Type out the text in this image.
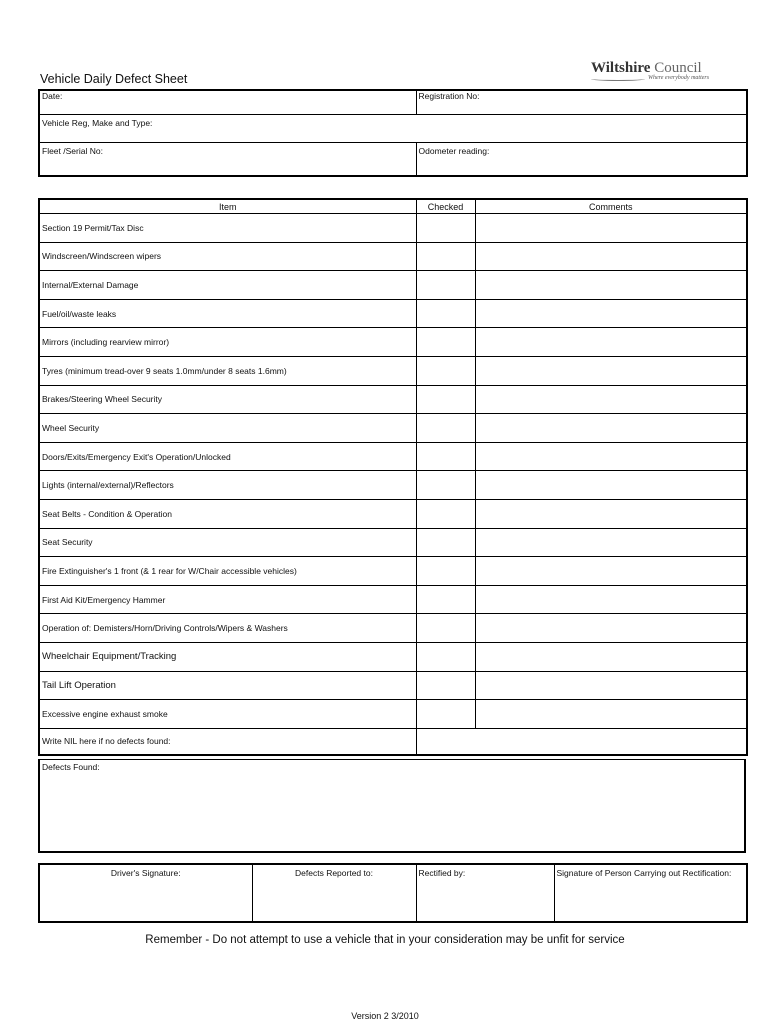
Wiltshire Council
Where everybody matters
Vehicle Daily Defect Sheet
Date:	Registration No:
Vehicle Reg, Make and Type:	
Fleet /Serial No:	Odometer reading:
Item	Checked	Comments
Section 19 Permit/Tax Disc		
Windscreen/Windscreen wipers		
Internal/External Damage		
Fuel/oil/waste leaks		
Mirrors (including rearview mirror)		
Tyres (minimum tread-over 9 seats 1.0mm/under 8 seats 1.6mm)		
Brakes/Steering Wheel Security		
Wheel Security		
Doors/Exits/Emergency Exit's Operation/Unlocked		
Lights (internal/external)/Reflectors		
Seat Belts - Condition & Operation		
Seat Security		
Fire Extinguisher's 1 front (& 1 rear for W/Chair accessible vehicles)		
First Aid Kit/Emergency Hammer		
Operation of: Demisters/Horn/Driving Controls/Wipers & Washers		
Wheelchair Equipment/Tracking		
Tail Lift Operation		
Excessive engine exhaust smoke		
Write NIL here if no defects found:		
Defects Found:
Driver's Signature:	Defects Reported to:	Rectified by:	Signature of Person Carrying out Rectification:
Remember - Do not attempt to use a vehicle that in your consideration may be unfit for service
Version 2 3/2010
